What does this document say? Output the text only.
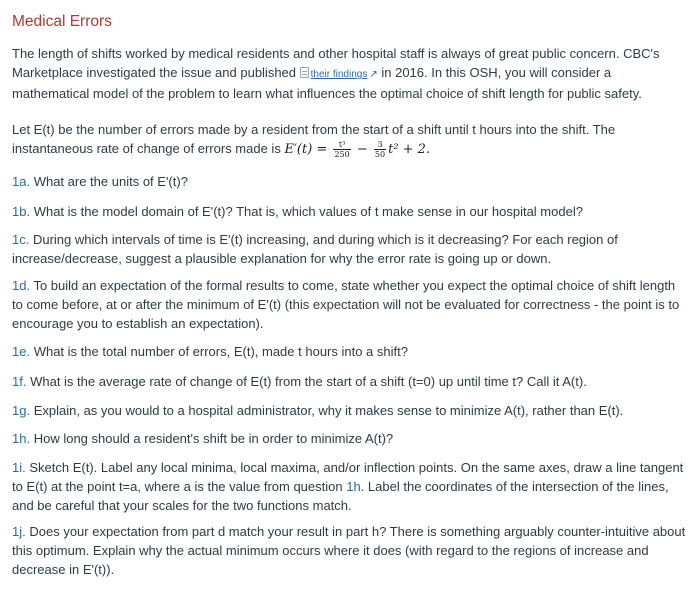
Medical Errors
The length of shifts worked by medical residents and other hospital staff is always of great public concern. CBC's Marketplace investigated the issue and published their findings ↗ in 2016. In this OSH, you will consider a mathematical model of the problem to learn what influences the optimal choice of shift length for public safety.
Let E(t) be the number of errors made by a resident from the start of a shift until t hours into the shift. The
instantaneous rate of change of errors made is $E'(t) = \frac{\text{t³}}{250} - \frac{3}{50} t^2 + 2$.
1a. What are the units of E'(t)?
1b. What is the model domain of E'(t)? That is, which values of t make sense in our hospital model?
1c. During which intervals of time is E'(t) increasing, and during which is it decreasing? For each region of increase/decrease, suggest a plausible explanation for why the error rate is going up or down.
1d. To build an expectation of the formal results to come, state whether you expect the optimal choice of shift length to come before, at or after the minimum of E'(t) (this expectation will not be evaluated for correctness - the point is to encourage you to establish an expectation).
1e. What is the total number of errors, E(t), made t hours into a shift?
1f. What is the average rate of change of E(t) from the start of a shift (t=0) up until time t? Call it A(t).
1g. Explain, as you would to a hospital administrator, why it makes sense to minimize A(t), rather than E(t).
1h. How long should a resident's shift be in order to minimize A(t)?
1i. Sketch E(t). Label any local minima, local maxima, and/or inflection points. On the same axes, draw a line tangent to E(t) at the point t=a, where a is the value from question 1h. Label the coordinates of the intersection of the lines, and be careful that your scales for the two functions match.
1j. Does your expectation from part d match your result in part h? There is something arguably counter-intuitive about this optimum. Explain why the actual minimum occurs where it does (with regard to the regions of increase and decrease in E'(t)).
